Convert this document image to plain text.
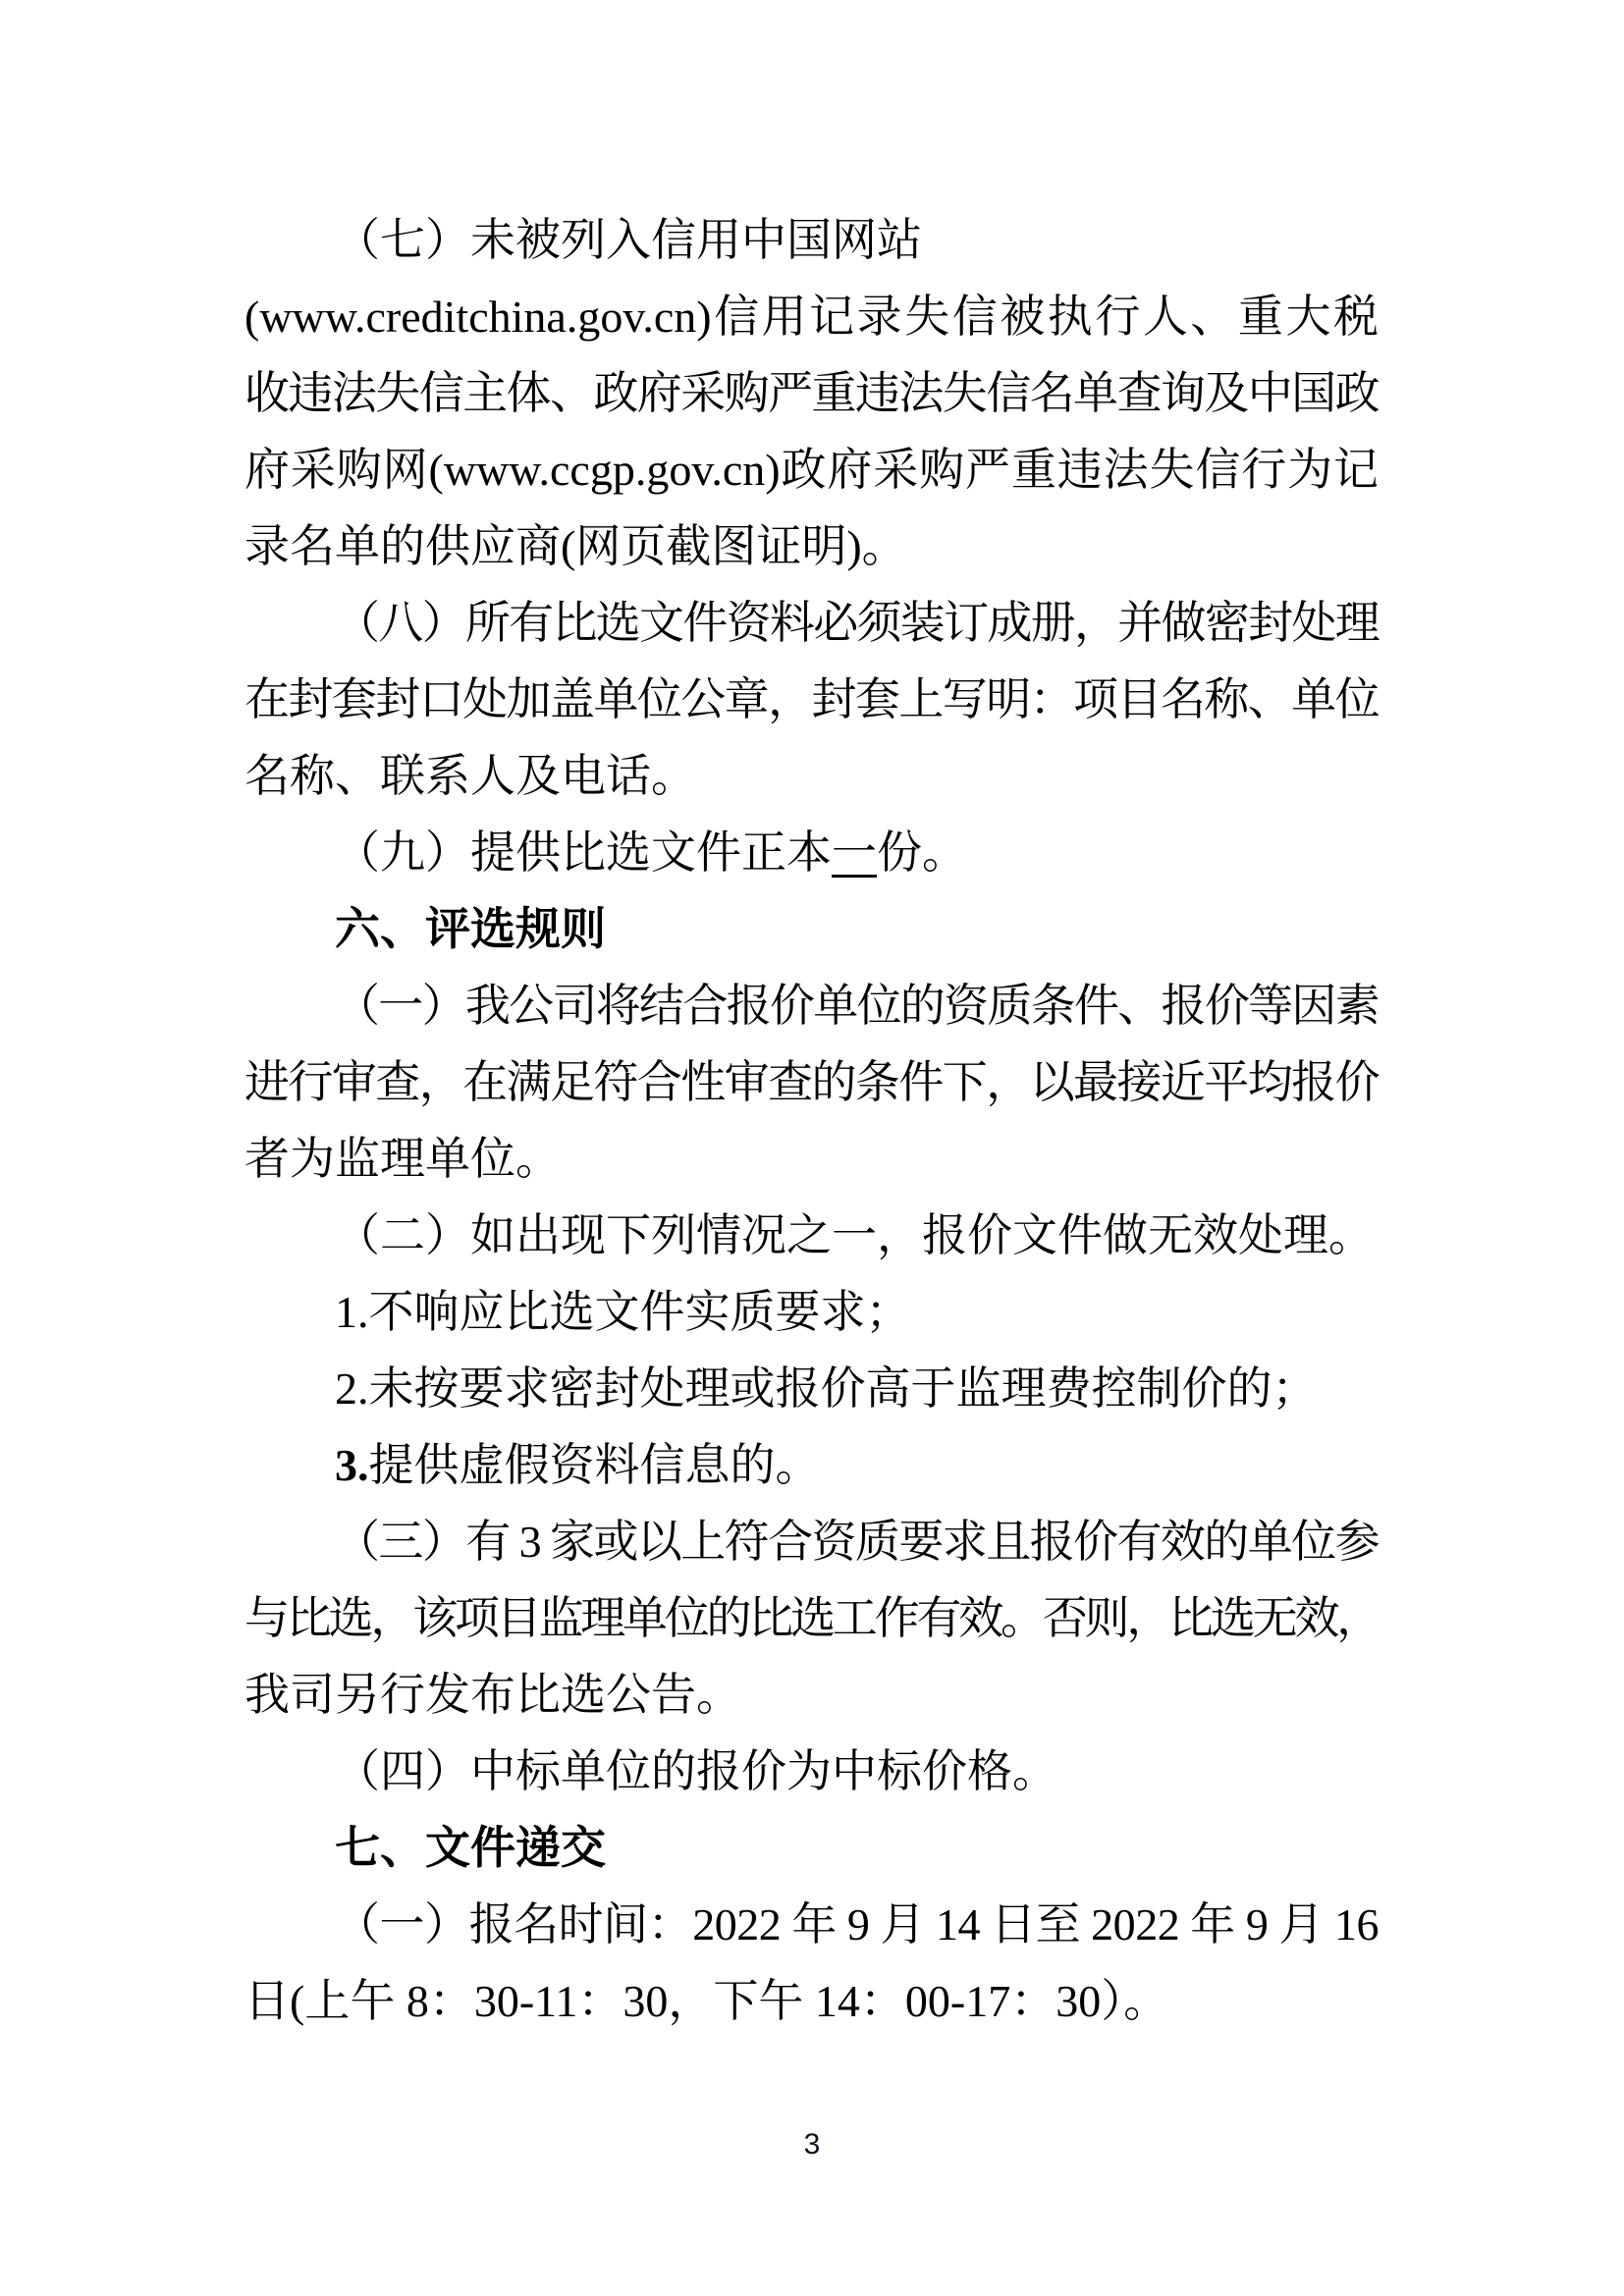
（七）未被列入信用中国网站
(www.creditchina.gov.cn)信用记录失信被执行人、重大税
收违法失信主体、政府采购严重违法失信名单查询及中国政
府采购网(www.ccgp.gov.cn)政府采购严重违法失信行为记
录名单的供应商(网页截图证明)。
（八）所有比选文件资料必须装订成册，并做密封处理
在封套封口处加盖单位公章，封套上写明：项目名称、单位
名称、联系人及电话。
（九）提供比选文件正本一份。
六、评选规则
（一）我公司将结合报价单位的资质条件、报价等因素
进行审查，在满足符合性审查的条件下，以最接近平均报价
者为监理单位。
（二）如出现下列情况之一，报价文件做无效处理。
1.不响应比选文件实质要求；
2.未按要求密封处理或报价高于监理费控制价的；
3.提供虚假资料信息的。
（三）有 3 家或以上符合资质要求且报价有效的单位参
与比选，该项目监理单位的比选工作有效。否则，比选无效，
我司另行发布比选公告。
（四）中标单位的报价为中标价格。
七、文件递交
（一）报名时间：2022 年 9 月 14 日至 2022 年 9 月 16
日(上午 8：30-11：30，下午 14：00-17：30）。
3
